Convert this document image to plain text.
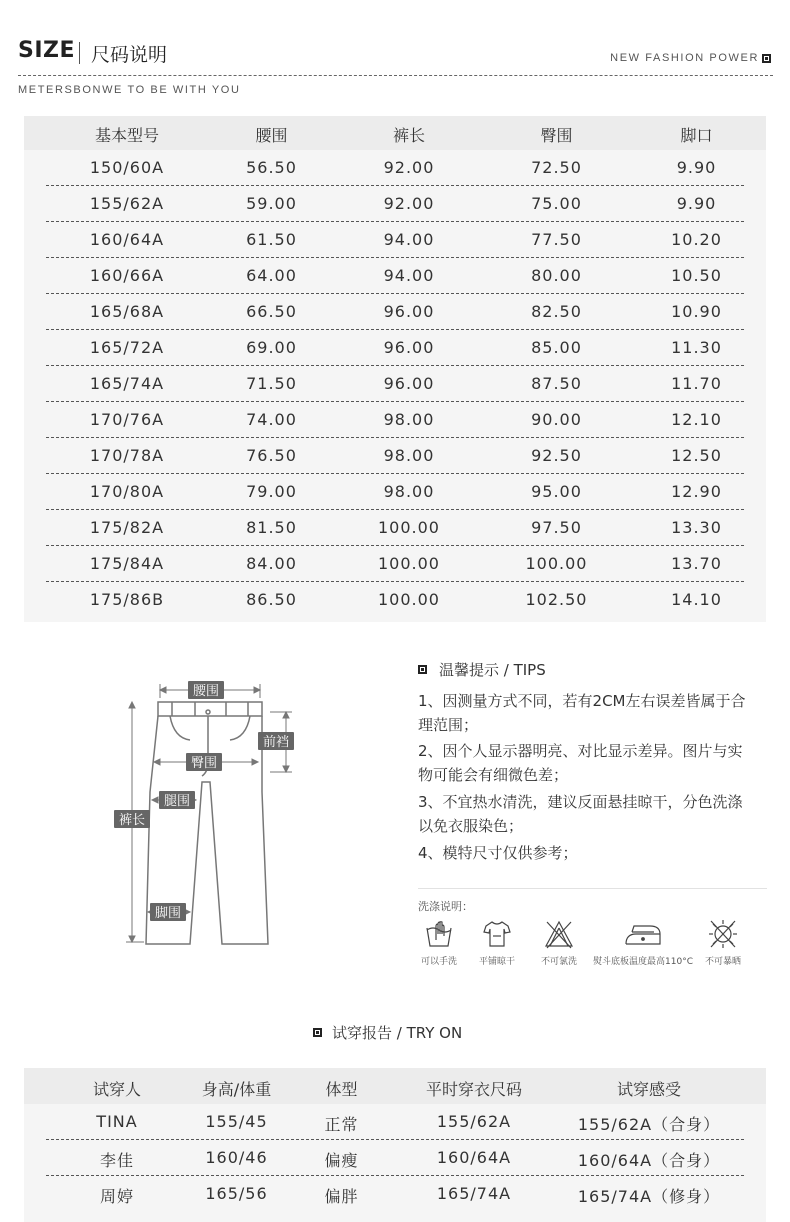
SIZE 尺码说明	NEW FASHION POWER
METERSBONWE TO BE WITH YOU
基本型号	腰围	裤长	臀围	脚口
150/60A	56.50	92.00	72.50	9.90
155/62A	59.00	92.00	75.00	9.90
160/64A	61.50	94.00	77.50	10.20
160/66A	64.00	94.00	80.00	10.50
165/68A	66.50	96.00	82.50	10.90
165/72A	69.00	96.00	85.00	11.30
165/74A	71.50	96.00	87.50	11.70
170/76A	74.00	98.00	90.00	12.10
170/78A	76.50	98.00	92.50	12.50
170/80A	79.00	98.00	95.00	12.90
175/82A	81.50	100.00	97.50	13.30
175/84A	84.00	100.00	100.00	13.70
175/86B	86.50	100.00	102.50	14.10
腰围
前裆
臀围
腿围
裤长
脚围
温馨提示 / TIPS
1、因测量方式不同，若有2CM左右误差皆属于合理范围；
2、因个人显示器明亮、对比显示差异。图片与实物可能会有细微色差；
3、不宜热水清洗，建议反面悬挂晾干，分色洗涤以免衣服染色；
4、模特尺寸仅供参考；
洗涤说明：
可以手洗	平铺晾干	不可氯洗	熨斗底板温度最高110°C	不可暴晒
试穿报告 / TRY ON
试穿人	身高/体重	体型	平时穿衣尺码	试穿感受
TINA	155/45	正常	155/62A	155/62A（合身）
李佳	160/46	偏瘦	160/64A	160/64A（合身）
周婷	165/56	偏胖	165/74A	165/74A（修身）
